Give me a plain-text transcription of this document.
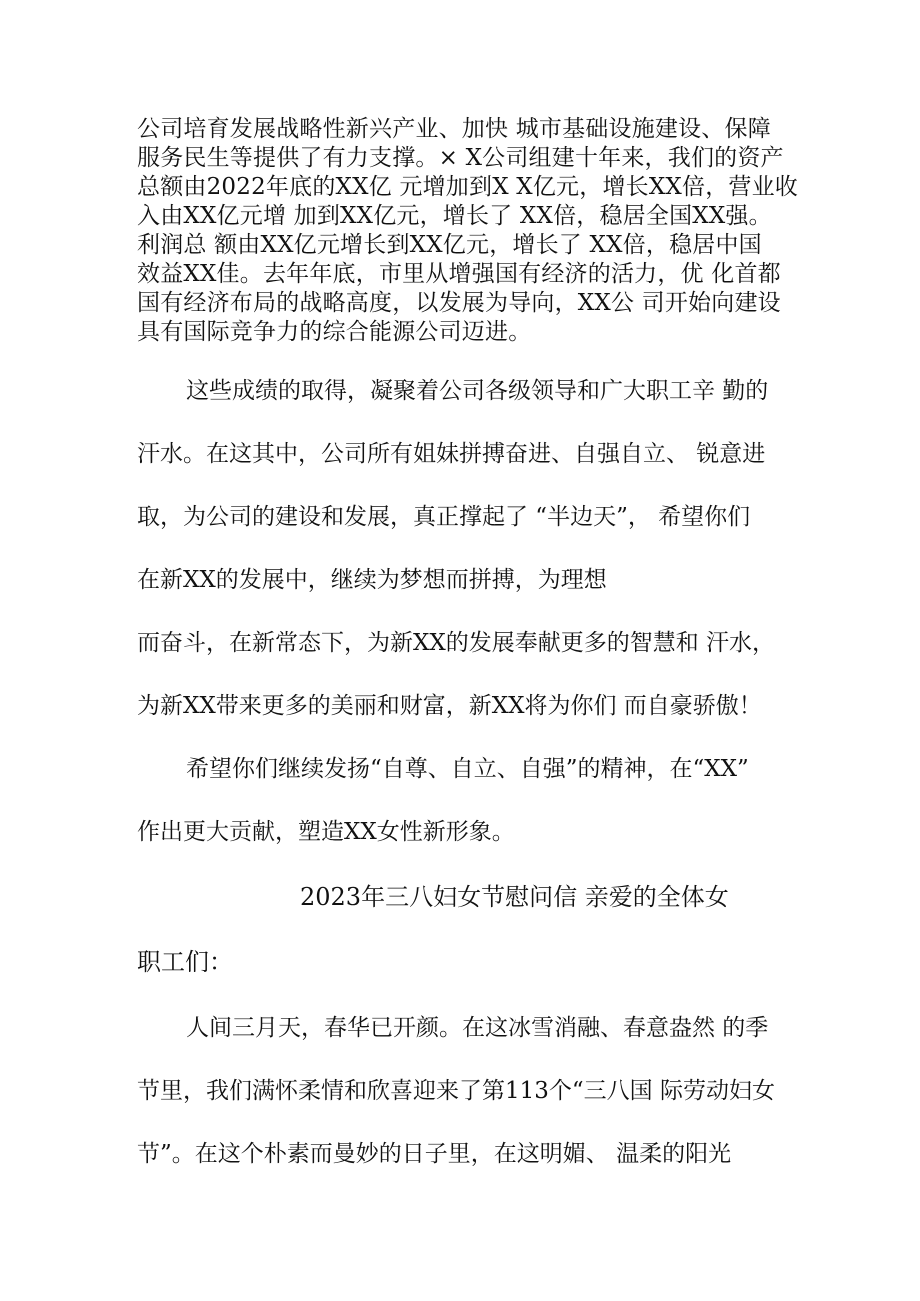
公司培育发展战略性新兴产业、加快 城市基础设施建设、保障
服务民生等提供了有力支撑。× X公司组建十年来，我们的资产
总额由2022年底的XX亿 元增加到X X亿元，增长XX倍，营业收
入由XX亿元增 加到XX亿元，增长了 XX倍，稳居全国XX强。
利润总 额由XX亿元增长到XX亿元，增长了 XX倍，稳居中国
效益XX佳。去年年底，市里从增强国有经济的活力，优 化首都
国有经济布局的战略高度，以发展为导向，XX公 司开始向建设
具有国际竞争力的综合能源公司迈进。
这些成绩的取得，凝聚着公司各级领导和广大职工辛 勤的
汗水。在这其中，公司所有姐妹拼搏奋进、自强自立、 锐意进
取，为公司的建设和发展，真正撑起了 “半边天”， 希望你们
在新XX的发展中，继续为梦想而拼搏，为理想
而奋斗，在新常态下，为新XX的发展奉献更多的智慧和 汗水，
为新XX带来更多的美丽和财富，新XX将为你们 而自豪骄傲！
希望你们继续发扬“自尊、自立、自强”的精神，在“XX”
作出更大贡献，塑造XX女性新形象。
2023年三八妇女节慰问信 亲爱的全体女
职工们：
人间三月天，春华已开颜。在这冰雪消融、春意盎然 的季
节里，我们满怀柔情和欣喜迎来了第113个“三八国 际劳动妇女
节”。在这个朴素而曼妙的日子里，在这明媚、 温柔的阳光
